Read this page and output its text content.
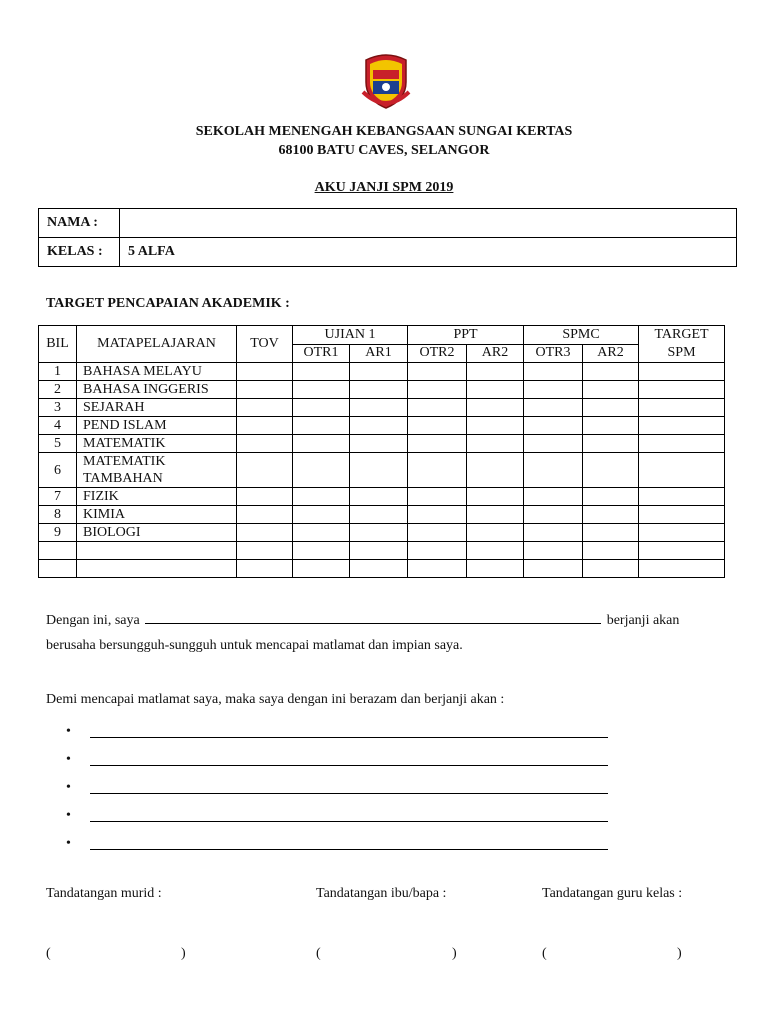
SEKOLAH MENENGAH KEBANGSAAN SUNGAI KERTAS
68100 BATU CAVES, SELANGOR
AKU JANJI SPM 2019
NAMA :	
KELAS :	5 ALFA
TARGET PENCAPAIAN AKADEMIK :
BIL	MATAPELAJARAN	TOV	UJIAN 1		PPT		SPMC		TARGET SPM
			OTR1	AR1	OTR2	AR2	OTR3	AR2	
1	BAHASA MELAYU								
2	BAHASA INGGERIS								
3	SEJARAH								
4	PEND ISLAM								
5	MATEMATIK								
6	MATEMATIK TAMBAHAN								
7	FIZIK								
8	KIMIA								
9	BIOLOGI								

Dengan ini, saya	berjanji akan
berusaha bersungguh-sungguh untuk mencapai matlamat dan impian saya.
Demi mencapai matlamat saya, maka saya dengan ini berazam dan berjanji akan :
•
•
•
•
•
Tandatangan murid :	Tandatangan ibu/bapa :	Tandatangan guru kelas :
(	)	(	)	(	)
